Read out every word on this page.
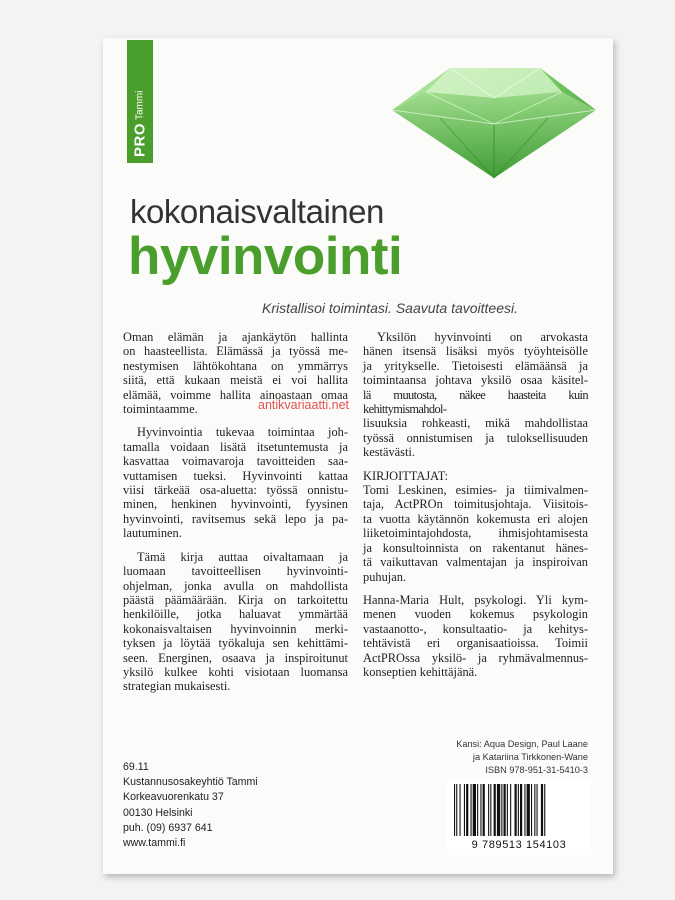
PRO
Tammi
kokonaisvaltainen
hyvinvointi
Kristallisoi toimintasi. Saavuta tavoitteesi.

Oman elämän ja ajankäytön hallinta
on haasteellista. Elämässä ja työssä me-
nestymisen lähtökohtana on ymmärrys
siitä, että kukaan meistä ei voi hallita
elämää, voimme hallita ainoastaan omaa
toimintaamme.

Hyvinvointia tukevaa toimintaa joh-
tamalla voidaan lisätä itsetuntemusta ja
kasvattaa voimavaroja tavoitteiden saa-
vuttamisen tueksi. Hyvinvointi kattaa
viisi tärkeää osa-aluetta: työssä onnistu-
minen, henkinen hyvinvointi, fyysinen
hyvinvointi, ravitsemus sekä lepo ja pa-
lautuminen.

Tämä kirja auttaa oivaltamaan ja
luomaan tavoitteellisen hyvinvointi-
ohjelman, jonka avulla on mahdollista
päästä päämäärään. Kirja on tarkoitettu
henkilöille, jotka haluavat ymmärtää
kokonaisvaltaisen hyvinvoinnin merki-
tyksen ja löytää työkaluja sen kehittämi-
seen. Energinen, osaava ja inspiroitunut
yksilö kulkee kohti visiotaan luomansa
strategian mukaisesti.

Yksilön hyvinvointi on arvokasta
hänen itsensä lisäksi myös työyhteisölle
ja yritykselle. Tietoisesti elämäänsä ja
toimintaansa johtava yksilö osaa käsitel-
lä muutosta, näkee haasteita kuin kehittymismahdol-
lisuuksia rohkeasti, mikä mahdollistaa
työssä onnistumisen ja tuloksellisuuden
kestävästi.

KIRJOITTAJAT:

Tomi Leskinen, esimies- ja tiimivalmen-
taja, ActPROn toimitusjohtaja. Viisitois-
ta vuotta käytännön kokemusta eri alojen
liiketoimintajohdosta, ihmisjohtamisesta
ja konsultoinnista on rakentanut hänes-
tä vaikuttavan valmentajan ja inspiroivan
puhujan.

Hanna-Maria Hult, psykologi. Yli kym-
menen vuoden kokemus psykologin
vastaanotto-, konsultaatio- ja kehitys-
tehtävistä eri organisaatioissa. Toimii
ActPROssa yksilö- ja ryhmävalmennus-
konseptien kehittäjänä.

antikvariaatti.net
Kansi: Aqua Design, Paul Laane
ja Katariina Tirkkonen-Wane
ISBN 978-951-31-5410-3
69.11
Kustannusosakeyhtiö Tammi
Korkeavuorenkatu 37
00130 Helsinki
puh. (09) 6937 641
www.tammi.fi	9 789513 154103
